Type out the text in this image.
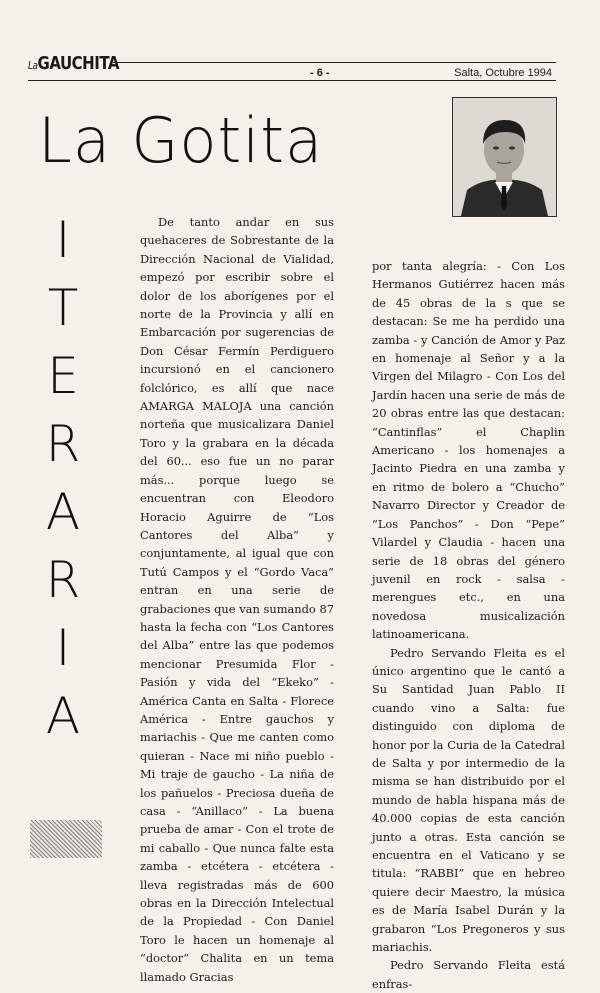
LaGAUCHITA	- 6 -	Salta, Octubre 1994
La Gotita
I
T
E
R
A
R
I
A

De tanto andar en sus quehaceres de Sobrestante de la Dirección Nacional de Vialidad, empezó por escribir sobre el dolor de los aborígenes por el norte de la Provincia y allí en Embarcación por sugerencias de Don César Fermín Perdiguero incursionó en el cancionero folclórico, es allí que nace AMARGA MALOJA una canción norteña que musicalizara Daniel Toro y la grabara en la década del 60... eso fue un no parar más... porque luego se encuentran con Eleodoro Horacio Aguirre de “Los Cantores del Alba” y conjuntamente, al igual que con Tutú Campos y el “Gordo Vaca” entran en una serie de grabaciones que van sumando 87 hasta la fecha con “Los Cantores del Alba” entre las que podemos mencionar Presumida Flor - Pasión y vida del “Ekeko” - América Canta en Salta - Florece América - Entre gauchos y mariachis - Que me canten como quieran - Nace mi niño pueblo - Mi traje de gaucho - La niña de los pañuelos - Preciosa dueña de casa - “Anillaco” - La buena prueba de amar - Con el trote de mi caballo - Que nunca falte esta zamba - etcétera - etcétera - lleva registradas más de 600 obras en la Dirección Intelectual de la Propiedad - Con Daniel Toro le hacen un homenaje al “doctor” Chalita en un tema llamado Gracias

por tanta alegría: - Con Los Hermanos Gutiérrez hacen más de 45 obras de la s que se destacan: Se me ha perdido una zamba - y Canción de Amor y Paz en homenaje al Señor y a la Virgen del Milagro - Con Los del Jardín hacen una serie de más de 20 obras entre las que destacan: “Cantinflas” el Chaplin Americano - los homenajes a Jacinto Piedra en una zamba y en ritmo de bolero a “Chucho” Navarro Director y Creador de “Los Panchos” - Don “Pepe” Vilardel y Claudia - hacen una serie de 18 obras del género juvenil en rock - salsa - merengues etc., en una novedosa musicalización latinoamericana.

Pedro Servando Fleita es el único argentino que le cantó a Su Santidad Juan Pablo II cuando vino a Salta: fue distinguido con diploma de honor por la Curia de la Catedral de Salta y por intermedio de la misma se han distribuido por el mundo de habla hispana más de 40.000 copias de esta canción junto a otras. Esta canción se encuentra en el Vaticano y se titula: “RABBI” que en hebreo quiere decir Maestro, la música es de María Isabel Durán y la grabaron “Los Pregoneros y sus mariachis.

Pedro Servando Fleita está enfras-
